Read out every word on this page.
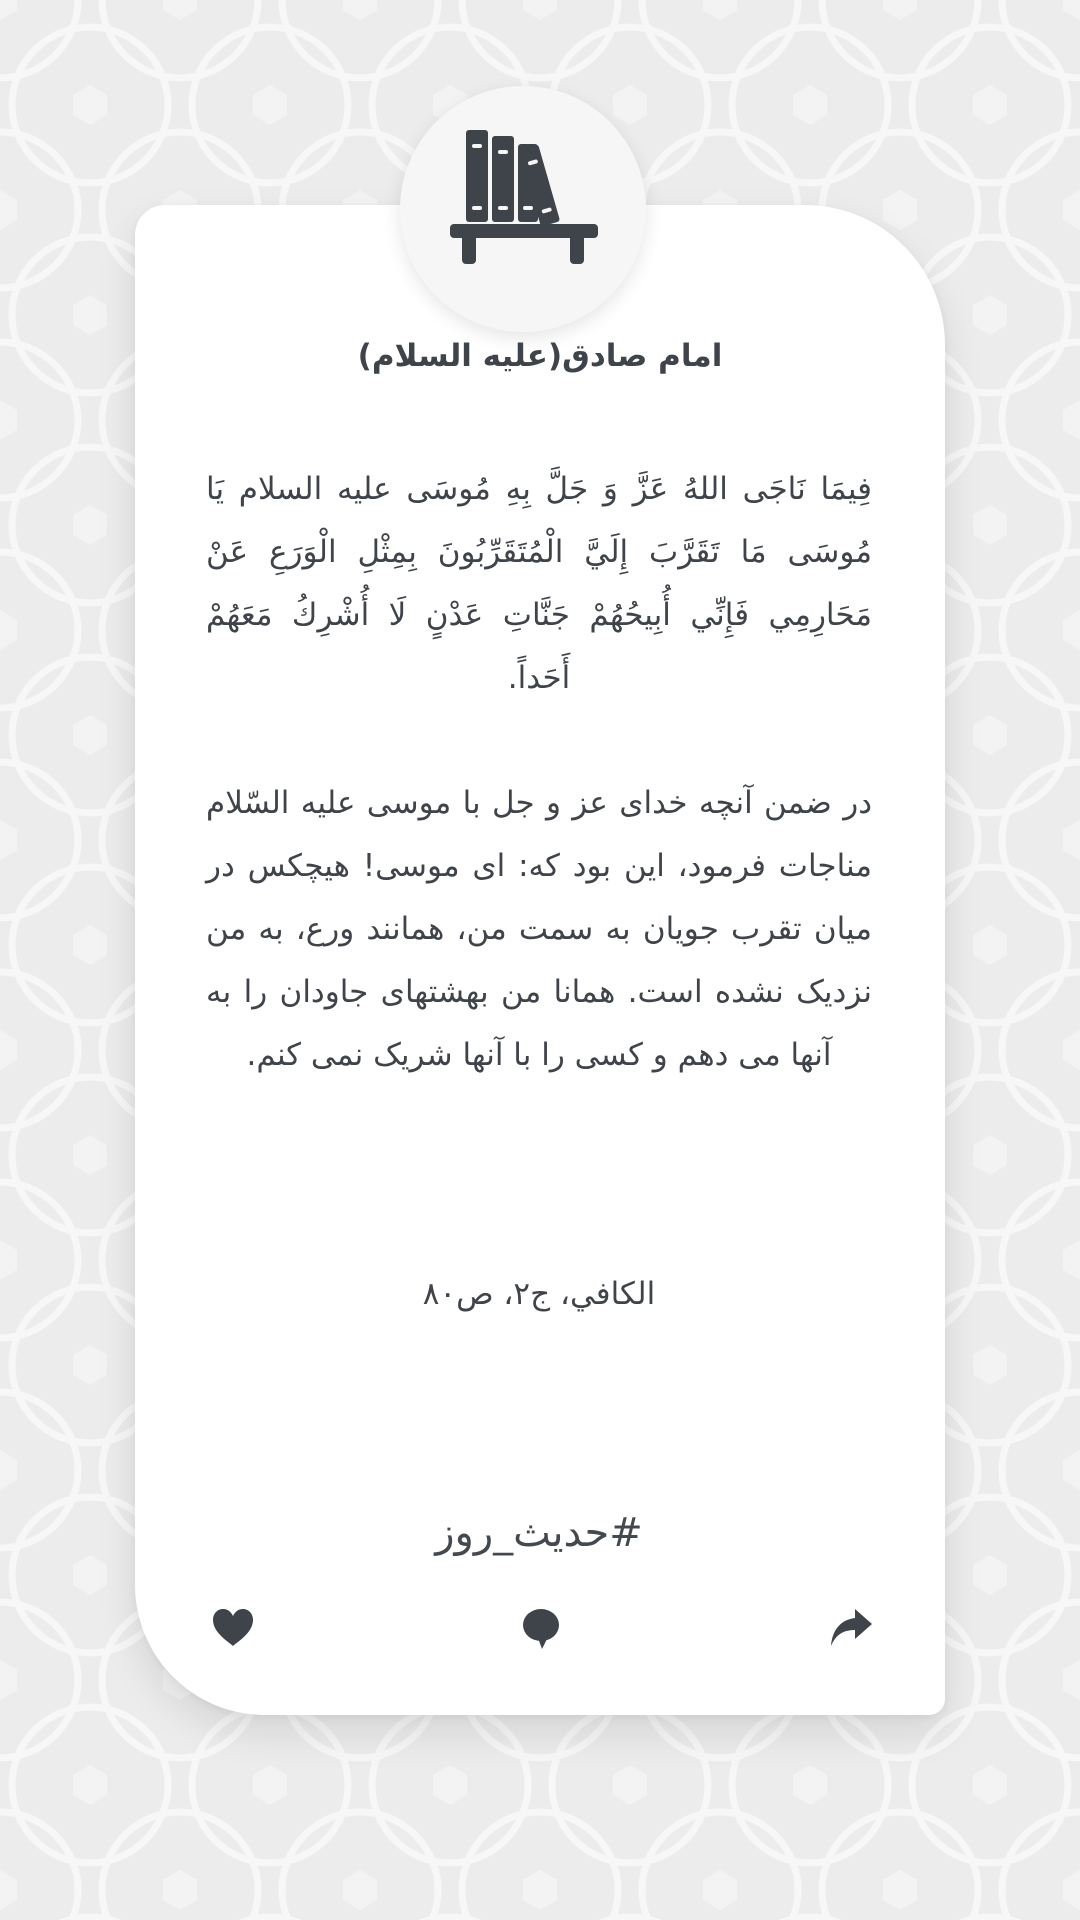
امام صادق(علیه السلام)
فِيمَا نَاجَى اللهُ عَزَّ وَ جَلَّ بِهِ مُوسَى علیه السلام يَا مُوسَى مَا تَقَرَّبَ إِلَيَّ الْمُتَقَرِّبُونَ بِمِثْلِ الْوَرَعِ عَنْ مَحَارِمِي فَإِنِّي أُبِيحُهُمْ جَنَّاتِ عَدْنٍ لَا أُشْرِكُ مَعَهُمْ أَحَداً.
در ضمن آنچه خدای عز و جل با موسی علیه السّلام مناجات فرمود، این بود که: ای موسی! هیچکس در میان تقرب جویان به سمت من، همانند ورع، به من نزدیک نشده است. همانا من بهشتهای جاودان را به آنها می دهم و کسی را با آنها شریک نمی کنم.
الكافي، ج۲، ص۸۰
#حدیث_روز
